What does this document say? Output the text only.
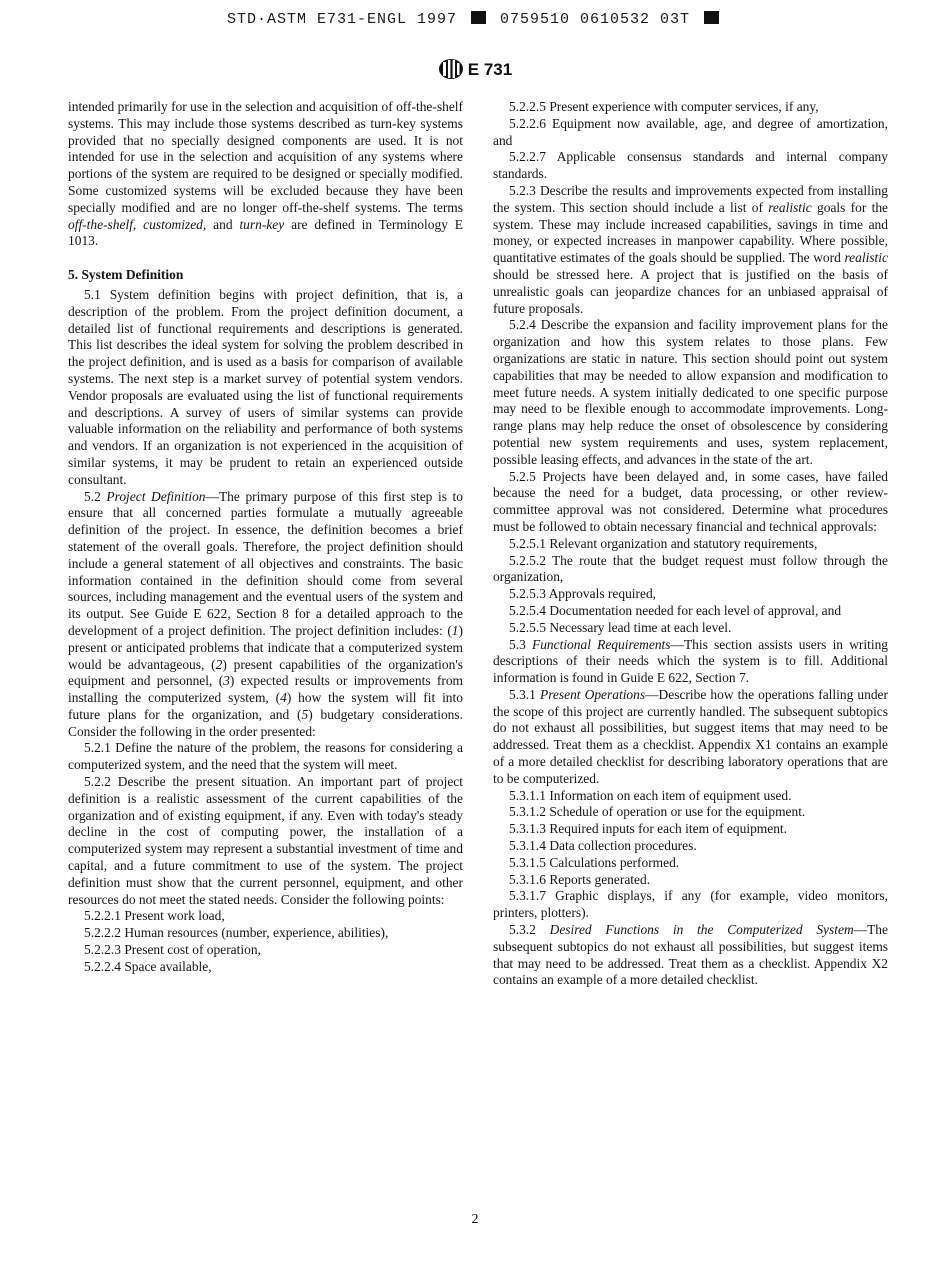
STD·ASTM E731-ENGL 1997	0759510 0610532 03T
E 731

intended primarily for use in the selection and acquisition of off-the-shelf systems. This may include those systems described as turn-key systems provided that no specially designed components are used. It is not intended for use in the selection and acquisition of any systems where portions of the system are required to be designed or specially modified. Some customized systems will be excluded because they have been specially modified and are no longer off-the-shelf systems. The terms off-the-shelf, customized, and turn-key are defined in Terminology E 1013.

5. System Definition

5.1 System definition begins with project definition, that is, a description of the problem. From the project definition document, a detailed list of functional requirements and descriptions is generated. This list describes the ideal system for solving the problem described in the project definition, and is used as a basis for comparison of available systems. The next step is a market survey of potential system vendors. Vendor proposals are evaluated using the list of functional requirements and descriptions. A survey of users of similar systems can provide valuable information on the reliability and performance of both systems and vendors. If an organization is not experienced in the acquisition of similar systems, it may be prudent to retain an experienced outside consultant.

5.2 Project Definition—The primary purpose of this first step is to ensure that all concerned parties formulate a mutually agreeable definition of the project. In essence, the definition becomes a brief statement of the overall goals. Therefore, the project definition should include a general statement of all objectives and constraints. The basic information contained in the definition should come from several sources, including management and the eventual users of the system and its output. See Guide E 622, Section 8 for a detailed approach to the development of a project definition. The project definition includes: (1) present or anticipated problems that indicate that a computerized system would be advantageous, (2) present capabilities of the organization's equipment and personnel, (3) expected results or improvements from installing the computerized system, (4) how the system will fit into future plans for the organization, and (5) budgetary considerations. Consider the following in the order presented:

5.2.1 Define the nature of the problem, the reasons for considering a computerized system, and the need that the system will meet.

5.2.2 Describe the present situation. An important part of project definition is a realistic assessment of the current capabilities of the organization and of existing equipment, if any. Even with today's steady decline in the cost of computing power, the installation of a computerized system may represent a substantial investment of time and capital, and a future commitment to use of the system. The project definition must show that the current personnel, equipment, and other resources do not meet the stated needs. Consider the following points:

5.2.2.1 Present work load,

5.2.2.2 Human resources (number, experience, abilities),

5.2.2.3 Present cost of operation,

5.2.2.4 Space available,

5.2.2.5 Present experience with computer services, if any,

5.2.2.6 Equipment now available, age, and degree of amortization, and

5.2.2.7 Applicable consensus standards and internal company standards.

5.2.3 Describe the results and improvements expected from installing the system. This section should include a list of realistic goals for the system. These may include increased capabilities, savings in time and money, or expected increases in manpower capability. Where possible, quantitative estimates of the goals should be supplied. The word realistic should be stressed here. A project that is justified on the basis of unrealistic goals can jeopardize chances for an unbiased appraisal of future proposals.

5.2.4 Describe the expansion and facility improvement plans for the organization and how this system relates to those plans. Few organizations are static in nature. This section should point out system capabilities that may be needed to allow expansion and modification to meet future needs. A system initially dedicated to one specific purpose may need to be flexible enough to accommodate improvements. Long-range plans may help reduce the onset of obsolescence by considering potential new system requirements and uses, system replacement, possible leasing effects, and advances in the state of the art.

5.2.5 Projects have been delayed and, in some cases, have failed because the need for a budget, data processing, or other review-committee approval was not considered. Determine what procedures must be followed to obtain necessary financial and technical approvals:

5.2.5.1 Relevant organization and statutory requirements,

5.2.5.2 The route that the budget request must follow through the organization,

5.2.5.3 Approvals required,

5.2.5.4 Documentation needed for each level of approval, and

5.2.5.5 Necessary lead time at each level.

5.3 Functional Requirements—This section assists users in writing descriptions of their needs which the system is to fill. Additional information is found in Guide E 622, Section 7.

5.3.1 Present Operations—Describe how the operations falling under the scope of this project are currently handled. The subsequent subtopics do not exhaust all possibilities, but suggest items that may need to be addressed. Treat them as a checklist. Appendix X1 contains an example of a more detailed checklist for describing laboratory operations that are to be computerized.

5.3.1.1 Information on each item of equipment used.

5.3.1.2 Schedule of operation or use for the equipment.

5.3.1.3 Required inputs for each item of equipment.

5.3.1.4 Data collection procedures.

5.3.1.5 Calculations performed.

5.3.1.6 Reports generated.

5.3.1.7 Graphic displays, if any (for example, video monitors, printers, plotters).

5.3.2 Desired Functions in the Computerized System—The subsequent subtopics do not exhaust all possibilities, but suggest items that may need to be addressed. Treat them as a checklist. Appendix X2 contains an example of a more detailed checklist.

2
